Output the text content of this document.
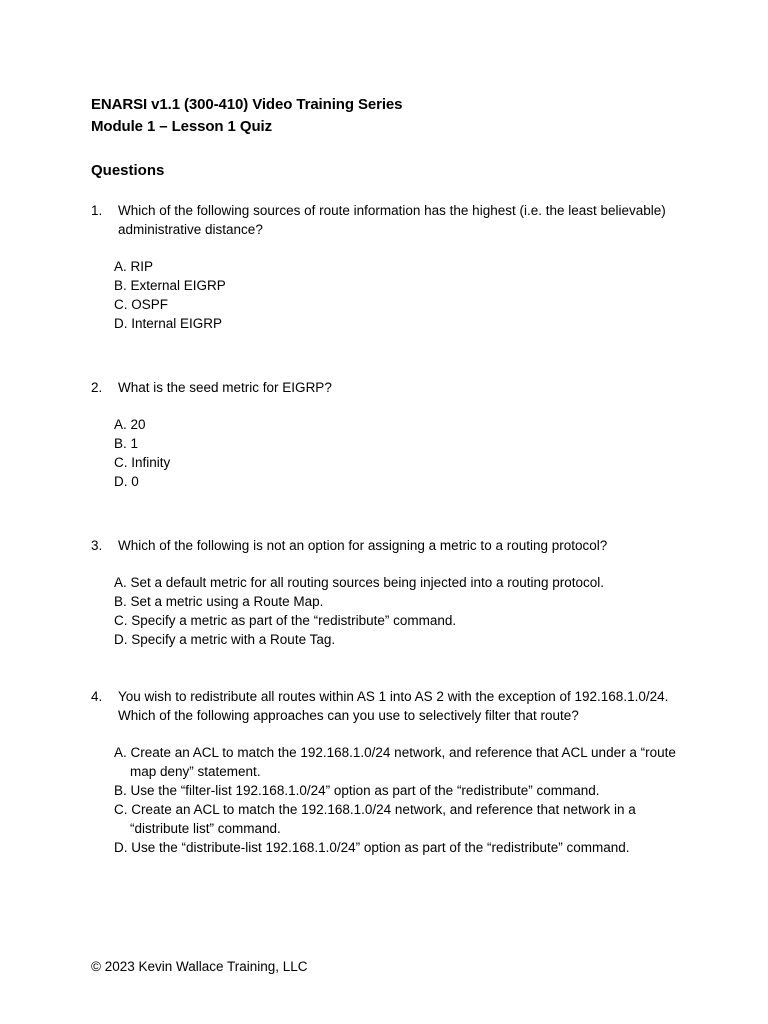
ENARSI v1.1 (300-410) Video Training Series
Module 1 – Lesson 1 Quiz
Questions
1. Which of the following sources of route information has the highest (i.e. the least believable) administrative distance?
A. RIP
B. External EIGRP
C. OSPF
D. Internal EIGRP
2. What is the seed metric for EIGRP?
A. 20
B. 1
C. Infinity
D. 0
3. Which of the following is not an option for assigning a metric to a routing protocol?
A. Set a default metric for all routing sources being injected into a routing protocol.
B. Set a metric using a Route Map.
C. Specify a metric as part of the “redistribute” command.
D. Specify a metric with a Route Tag.
4. You wish to redistribute all routes within AS 1 into AS 2 with the exception of 192.168.1.0/24. Which of the following approaches can you use to selectively filter that route?
A. Create an ACL to match the 192.168.1.0/24 network, and reference that ACL under a “route map deny” statement.
B. Use the “filter-list 192.168.1.0/24” option as part of the “redistribute” command.
C. Create an ACL to match the 192.168.1.0/24 network, and reference that network in a “distribute list” command.
D. Use the “distribute-list 192.168.1.0/24” option as part of the “redistribute” command.
© 2023 Kevin Wallace Training, LLC
